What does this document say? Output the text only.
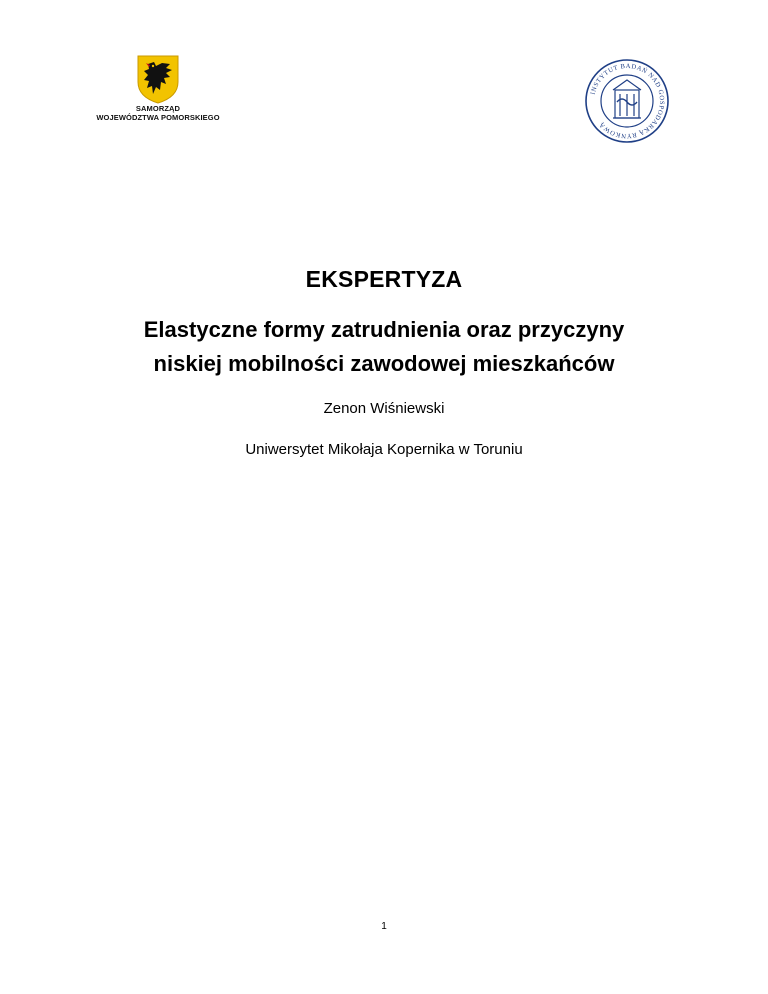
SAMORZĄD
WOJEWÓDZTWA POMORSKIEGO
INSTYTUT BADAŃ NAD GOSPODARKĄ RYNKOWĄ
EKSPERTYZA
Elastyczne formy zatrudnienia oraz przyczyny
niskiej mobilności zawodowej mieszkańców
Zenon Wiśniewski
Uniwersytet Mikołaja Kopernika w Toruniu
1
